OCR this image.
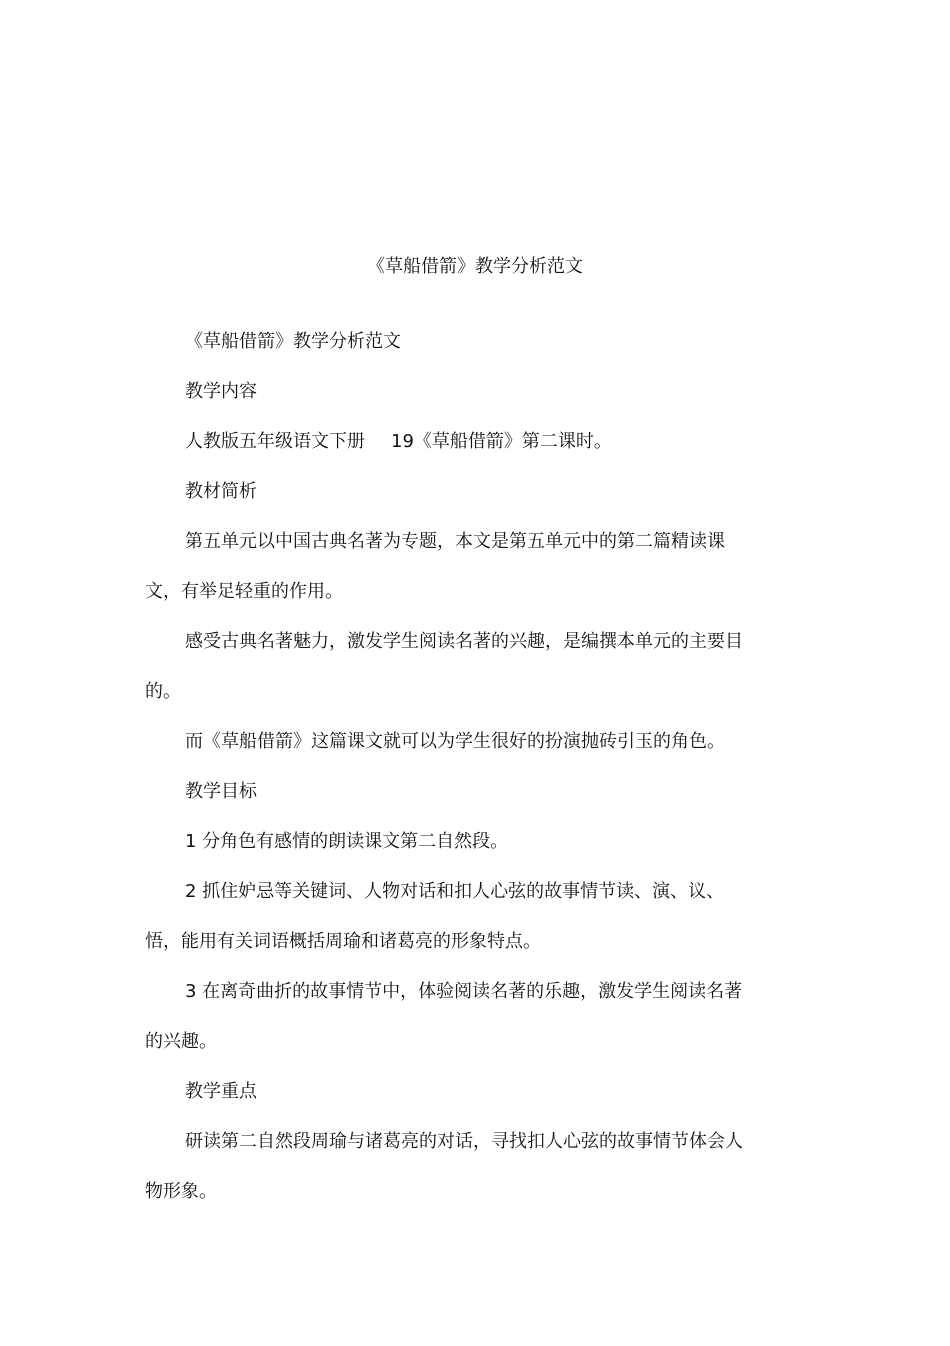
《草船借箭》教学分析范文

《草船借箭》教学分析范文

教学内容

人教版五年级语文下册 19《草船借箭》第二课时。

教材简析

第五单元以中国古典名著为专题，本文是第五单元中的第二篇精读课文，有举足轻重的作用。

感受古典名著魅力，激发学生阅读名著的兴趣，是编撰本单元的主要目的。

而《草船借箭》这篇课文就可以为学生很好的扮演抛砖引玉的角色。

教学目标

1 分角色有感情的朗读课文第二自然段。

2 抓住妒忌等关键词、人物对话和扣人心弦的故事情节读、演、议、悟，能用有关词语概括周瑜和诸葛亮的形象特点。

3 在离奇曲折的故事情节中，体验阅读名著的乐趣，激发学生阅读名著的兴趣。

教学重点

研读第二自然段周瑜与诸葛亮的对话，寻找扣人心弦的故事情节体会人物形象。
